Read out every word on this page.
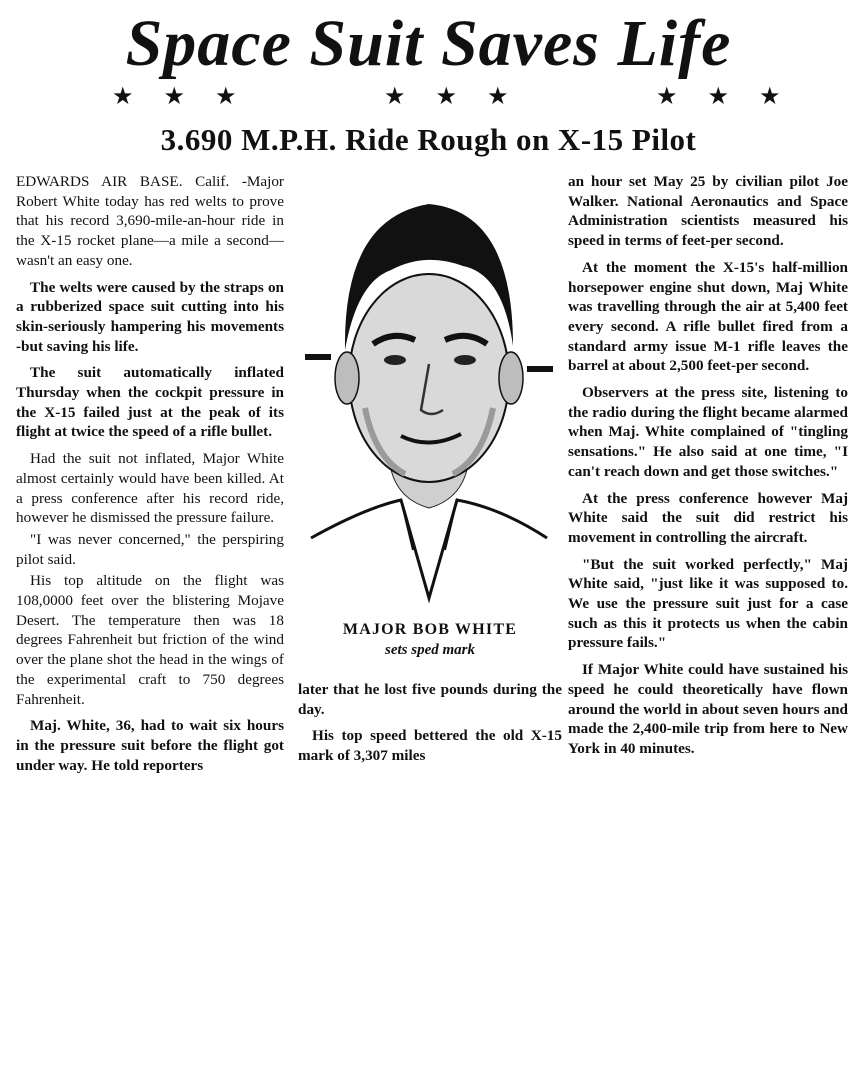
Space Suit Saves Life
★ ★ ★	★ ★ ★	★ ★ ★
3.690 M.P.H. Ride Rough on X-15 Pilot

EDWARDS AIR BASE. Calif. -Major Robert White today has red welts to prove that his record 3,690-mile-an-hour ride in the X-15 rocket plane—a mile a second—wasn't an easy one.

The welts were caused by the straps on a rubberized space suit cutting into his skin-seriously hampering his movements -but saving his life.

The suit automatically inflated Thursday when the cockpit pressure in the X-15 failed just at the peak of its flight at twice the speed of a rifle bullet.

Had the suit not inflated, Major White almost certainly would have been killed. At a press conference after his record ride, however he dismissed the pressure failure.

"I was never concerned," the perspiring pilot said.

His top altitude on the flight was 108,0000 feet over the blistering Mojave Desert. The temperature then was 18 degrees Fahrenheit but friction of the wind over the plane shot the head in the wings of the experimental craft to 750 degrees Fahrenheit.

Maj. White, 36, had to wait six hours in the pressure suit before the flight got under way. He told reporters

MAJOR BOB WHITE
sets sped mark

later that he lost five pounds during the day.

His top speed bettered the old X-15 mark of 3,307 miles

an hour set May 25 by civilian pilot Joe Walker. National Aeronautics and Space Administration scientists measured his speed in terms of feet-per second.

At the moment the X-15's half-million horsepower engine shut down, Maj White was travelling through the air at 5,400 feet every second. A rifle bullet fired from a standard army issue M-1 rifle leaves the barrel at about 2,500 feet-per second.

Observers at the press site, listening to the radio during the flight became alarmed when Maj. White complained of "tingling sensations." He also said at one time, "I can't reach down and get those switches."

At the press conference however Maj White said the suit did restrict his movement in controlling the aircraft.

"But the suit worked perfectly," Maj White said, "just like it was supposed to. We use the pressure suit just for a case such as this it protects us when the cabin pressure fails."

If Major White could have sustained his speed he could theoretically have flown around the world in about seven hours and made the 2,400-mile trip from here to New York in 40 minutes.
